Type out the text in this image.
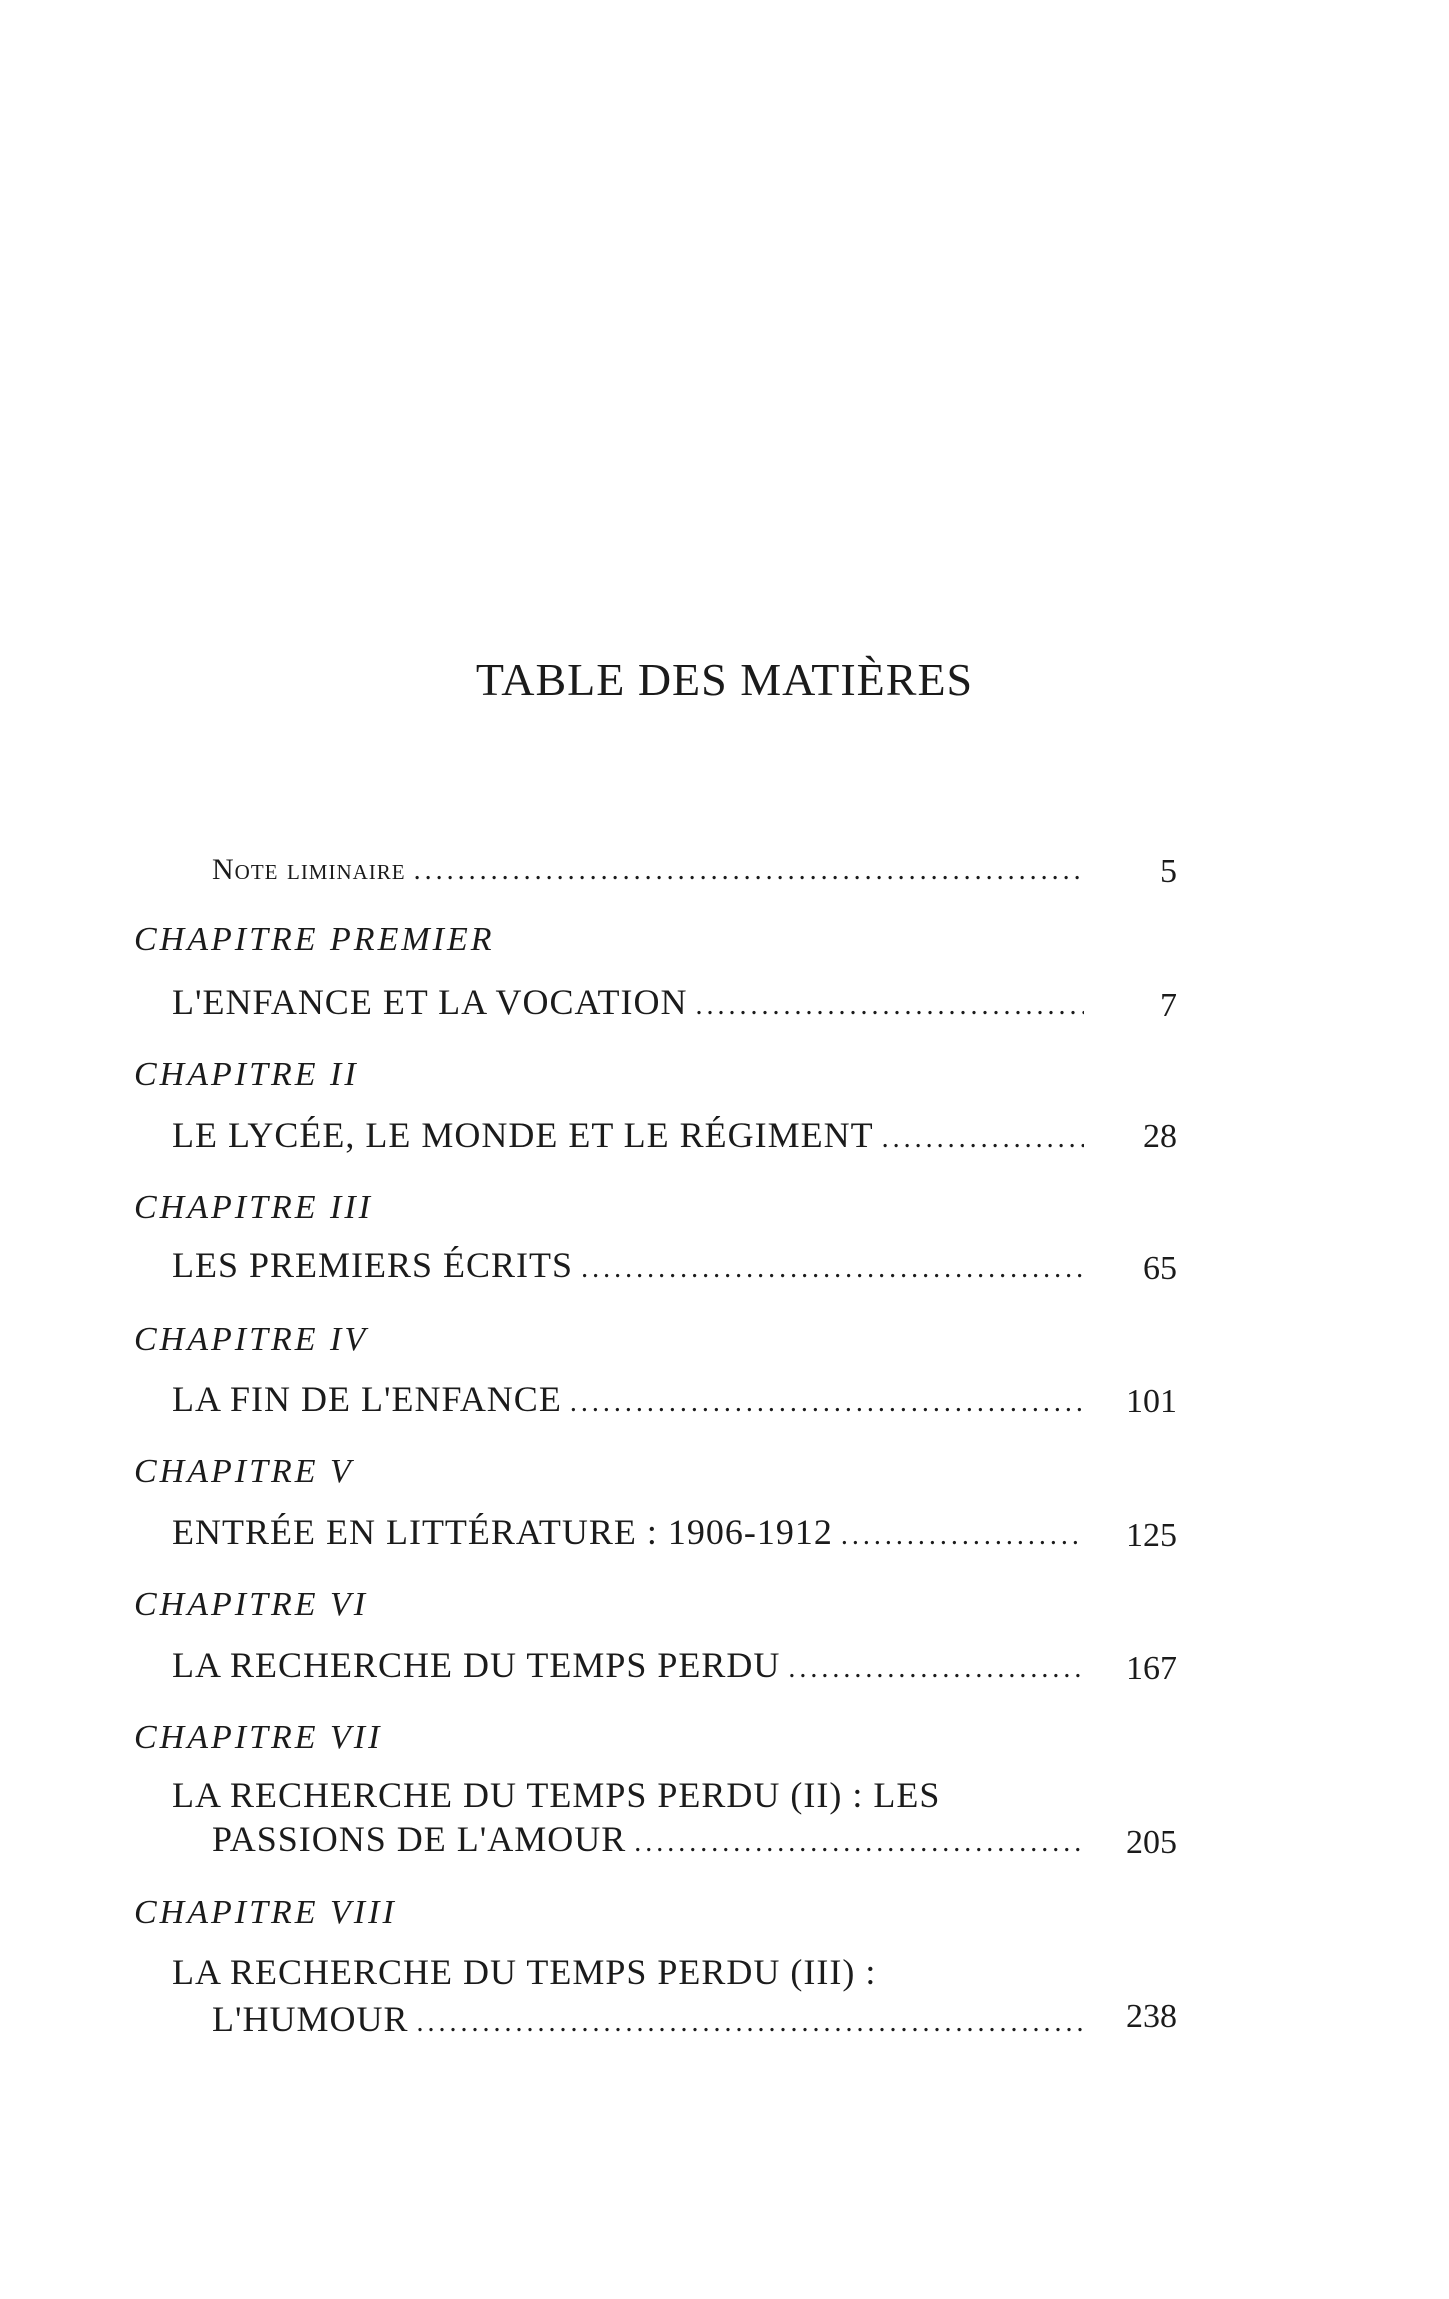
TABLE DES MATIÈRES
Note liminaire .....	5
CHAPITRE PREMIER
L'ENFANCE ET LA VOCATION .....	7
CHAPITRE II
LE LYCÉE, LE MONDE ET LE RÉGIMENT .....	28
CHAPITRE III
LES PREMIERS ÉCRITS .....	65
CHAPITRE IV
LA FIN DE L'ENFANCE .....	101
CHAPITRE V
ENTRÉE EN LITTÉRATURE : 1906-1912 .....	125
CHAPITRE VI
LA RECHERCHE DU TEMPS PERDU .....	167
CHAPITRE VII
LA RECHERCHE DU TEMPS PERDU (II) : LES
PASSIONS DE L'AMOUR .....	205
CHAPITRE VIII
LA RECHERCHE DU TEMPS PERDU (III) :
L'HUMOUR .....	238
